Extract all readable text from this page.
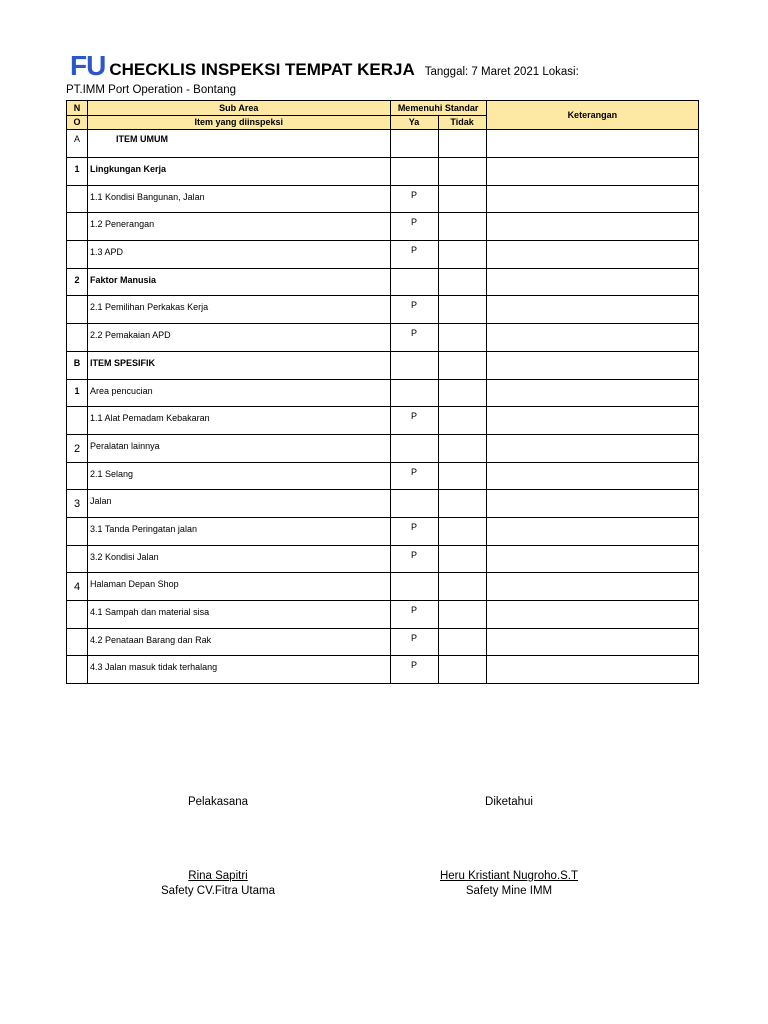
FU CHECKLIS INSPEKSI TEMPAT KERJA Tanggal: 7 Maret 2021 Lokasi:
PT.IMM Port Operation - Bontang
N	Sub Area	Memenuhi Standar		Keterangan
O	Item yang diinspeksi	Ya	Tidak	
A	ITEM UMUM			
1	Lingkungan Kerja			
	1.1 Kondisi Bangunan, Jalan	P		
	1.2 Penerangan	P		
	1.3 APD	P		
2	Faktor Manusia			
	2.1 Pemilihan Perkakas Kerja	P		
	2.2 Pemakaian APD	P		
B	ITEM SPESIFIK			
1	Area pencucian			
	1.1 Alat Pemadam Kebakaran	P		
2	Peralatan lainnya			
	2.1 Selang	P		
3	Jalan			
	3.1 Tanda Peringatan jalan	P		
	3.2 Kondisi Jalan	P		
4	Halaman Depan Shop			
	4.1 Sampah dan material sisa	P		
	4.2 Penataan Barang dan Rak	P		
	4.3 Jalan masuk tidak terhalang	P		
Pelakasana
Rina Sapitri
Safety CV.Fitra Utama
Diketahui
Heru Kristiant Nugroho.S.T
Safety Mine IMM
